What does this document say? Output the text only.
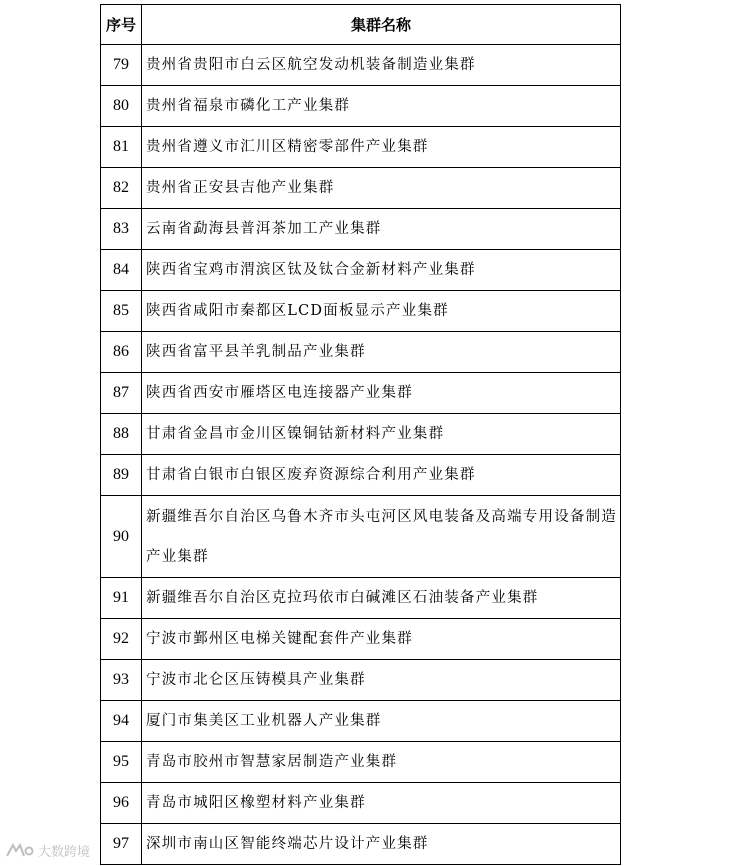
序号	集群名称
79	贵州省贵阳市白云区航空发动机装备制造业集群
80	贵州省福泉市磷化工产业集群
81	贵州省遵义市汇川区精密零部件产业集群
82	贵州省正安县吉他产业集群
83	云南省勐海县普洱茶加工产业集群
84	陕西省宝鸡市渭滨区钛及钛合金新材料产业集群
85	陕西省咸阳市秦都区LCD面板显示产业集群
86	陕西省富平县羊乳制品产业集群
87	陕西省西安市雁塔区电连接器产业集群
88	甘肃省金昌市金川区镍铜钴新材料产业集群
89	甘肃省白银市白银区废弃资源综合利用产业集群
90	新疆维吾尔自治区乌鲁木齐市头屯河区风电装备及高端专用设备制造产业集群
91	新疆维吾尔自治区克拉玛依市白碱滩区石油装备产业集群
92	宁波市鄞州区电梯关键配套件产业集群
93	宁波市北仑区压铸模具产业集群
94	厦门市集美区工业机器人产业集群
95	青岛市胶州市智慧家居制造产业集群
96	青岛市城阳区橡塑材料产业集群
97	深圳市南山区智能终端芯片设计产业集群
大数跨境
